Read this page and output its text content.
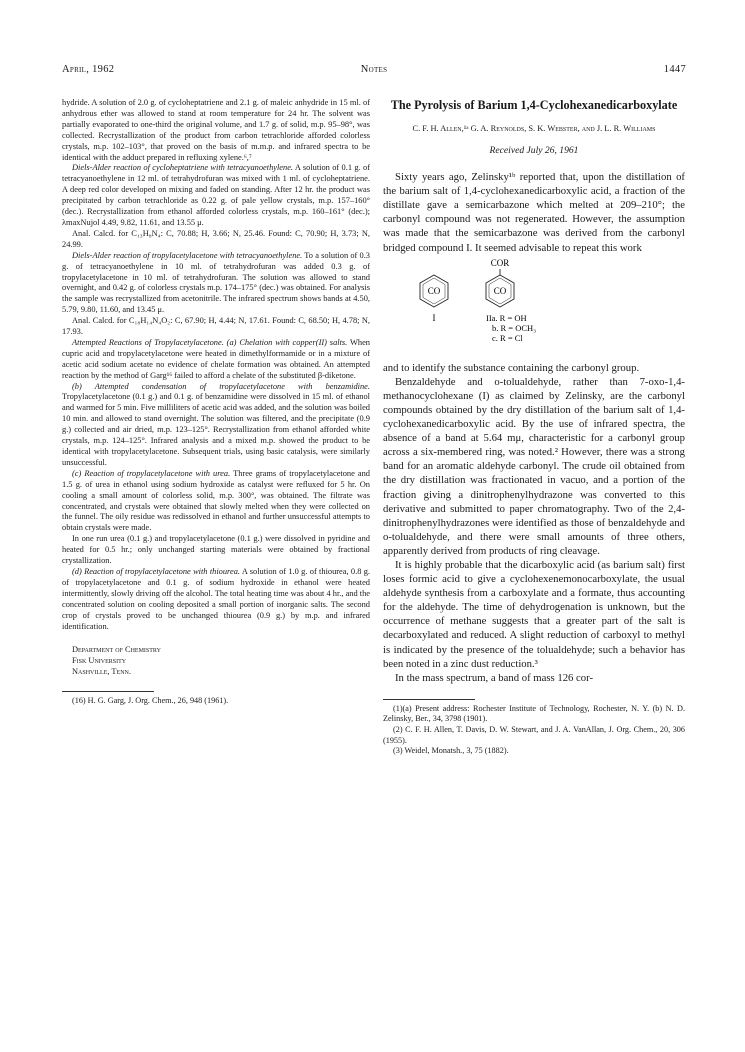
April, 1962	Notes	1447

hydride. A solution of 2.0 g. of cycloheptatriene and 2.1 g. of maleic anhydride in 15 ml. of anhydrous ether was allowed to stand at room temperature for 24 hr. The solvent was partially evaporated to one-third the original volume, and 1.7 g. of solid, m.p. 95–98°, was collected. Recrystallization of the product from carbon tetrachloride afforded colorless crystals, m.p. 102–103°, that proved on the basis of m.m.p. and infrared spectra to be identical with the adduct prepared in refluxing xylene.⁶,⁷

Diels-Alder reaction of cycloheptatriene with tetracyanoethylene. A solution of 0.1 g. of tetracyanoethylene in 12 ml. of tetrahydrofuran was mixed with 1 ml. of cycloheptatriene. A deep red color developed on mixing and faded on standing. After 12 hr. the product was precipitated by carbon tetrachloride as 0.22 g. of pale yellow crystals, m.p. 157–160° (dec.). Recrystallization from ethanol afforded colorless crystals, m.p. 160–161° (dec.); λmaxNujol 4.49, 9.82, 11.61, and 13.55 μ.

Anal. Calcd. for C₁₃H₈N₄: C, 70.88; H, 3.66; N, 25.46. Found: C, 70.90; H, 3.73; N, 24.99.

Diels-Alder reaction of tropylacetylacetone with tetracyanoethylene. To a solution of 0.3 g. of tetracyanoethylene in 10 ml. of tetrahydrofuran was added 0.3 g. of tropylacetylacetone in 10 ml. of tetrahydrofuran. The solution was allowed to stand overnight, and 0.42 g. of colorless crystals m.p. 174–175° (dec.) was obtained. For analysis the sample was recrystallized from acetonitrile. The infrared spectrum shows bands at 4.50, 5.79, 9.80, 11.60, and 13.45 μ.

Anal. Calcd. for C₁₈H₁₄N₄O₂: C, 67.90; H, 4.44; N, 17.61. Found: C, 68.50; H, 4.78; N, 17.93.

Attempted Reactions of Tropylacetylacetone. (a) Chelation with copper(II) salts. When cupric acid and tropylacetylacetone were heated in dimethylformamide or in a mixture of acetic acid sodium acetate no evidence of chelate formation was obtained. An attempted reaction by the method of Garg¹⁶ failed to afford a chelate of the substituted β-diketone.

(b) Attempted condensation of tropylacetylacetone with benzamidine. Tropylacetylacetone (0.1 g.) and 0.1 g. of benzamidine were dissolved in 15 ml. of ethanol and warmed for 5 min. Five milliliters of acetic acid was added, and the solution was boiled 10 min. and allowed to stand overnight. The solution was filtered, and the precipitate (0.9 g.) collected and air dried, m.p. 123–125°. Recrystallization from ethanol afforded white crystals, m.p. 124–125°. Infrared analysis and a mixed m.p. showed the product to be identical with tropylacetylacetone. Subsequent trials, using basic catalysis, were similarly unsuccessful.

(c) Reaction of tropylacetylacetone with urea. Three grams of tropylacetylacetone and 1.5 g. of urea in ethanol using sodium hydroxide as catalyst were refluxed for 5 hr. On cooling a small amount of colorless solid, m.p. 300°, was obtained. The filtrate was concentrated, and crystals were obtained that slowly melted when they were collected on the funnel. The oily residue was redissolved in ethanol and further unsuccessful attempts to obtain crystals were made.

In one run urea (0.1 g.) and tropylacetylacetone (0.1 g.) were dissolved in pyridine and heated for 0.5 hr.; only unchanged starting materials were obtained by fractional crystallization.

(d) Reaction of tropylacetylacetone with thiourea. A solution of 1.0 g. of thiourea, 0.8 g. of tropylacetylacetone and 0.1 g. of sodium hydroxide in ethanol were heated intermittently, slowly driving off the alcohol. The total heating time was about 4 hr., and the concentrated solution on cooling deposited a small portion of inorganic salts. The second crop of crystals proved to be unchanged thiourea (0.9 g.) by m.p. and infrared identification.

Department of Chemistry
Fisk University
Nashville, Tenn.

(16) H. G. Garg, J. Org. Chem., 26, 948 (1961).

The Pyrolysis of Barium 1,4-Cyclohexanedicarboxylate
C. F. H. Allen,¹ᵃ G. A. Reynolds, S. K. Webster, and J. L. R. Williams
Received July 26, 1961

Sixty years ago, Zelinsky¹ᵇ reported that, upon the distillation of the barium salt of 1,4-cyclohexanedicarboxylic acid, a fraction of the distillate gave a semicarbazone which melted at 209–210°; the carbonyl compound was not regenerated. However, the assumption was made that the semicarbazone was derived from the carbonyl bridged compound I. It seemed advisable to repeat this work

CO	CO
COR
I	IIa. R = OH
b. R = OCH₃
c. R = Cl

and to identify the substance containing the carbonyl group.

Benzaldehyde and o-tolualdehyde, rather than 7-oxo-1,4-methanocyclohexane (I) as claimed by Zelinsky, are the carbonyl compounds obtained by the dry distillation of the barium salt of 1,4-cyclohexanedicarboxylic acid. By the use of infrared spectra, the absence of a band at 5.64 mμ, characteristic for a carbonyl group across a six-membered ring, was noted.² However, there was a strong band for an aromatic aldehyde carbonyl. The crude oil obtained from the dry distillation was fractionated in vacuo, and a portion of the fraction giving a dinitrophenylhydrazone was converted to this derivative and submitted to paper chromatography. Two of the 2,4-dinitrophenylhydrazones were identified as those of benzaldehyde and o-tolualdehyde, and there were small amounts of three others, apparently derived from products of ring cleavage.

It is highly probable that the dicarboxylic acid (as barium salt) first loses formic acid to give a cyclohexenemonocarboxylate, the usual aldehyde synthesis from a carboxylate and a formate, thus accounting for the aldehyde. The time of dehydrogenation is unknown, but the occurrence of methane suggests that a greater part of the salt is decarboxylated and reduced. A slight reduction of carboxyl to methyl is indicated by the presence of the tolualdehyde; such a behavior has been noted in a zinc dust reduction.³

In the mass spectrum, a band of mass 126 cor-

(1)(a) Present address: Rochester Institute of Technology, Rochester, N. Y. (b) N. D. Zelinsky, Ber., 34, 3798 (1901).

(2) C. F. H. Allen, T. Davis, D. W. Stewart, and J. A. VanAllan, J. Org. Chem., 20, 306 (1955).

(3) Weidel, Monatsh., 3, 75 (1882).
